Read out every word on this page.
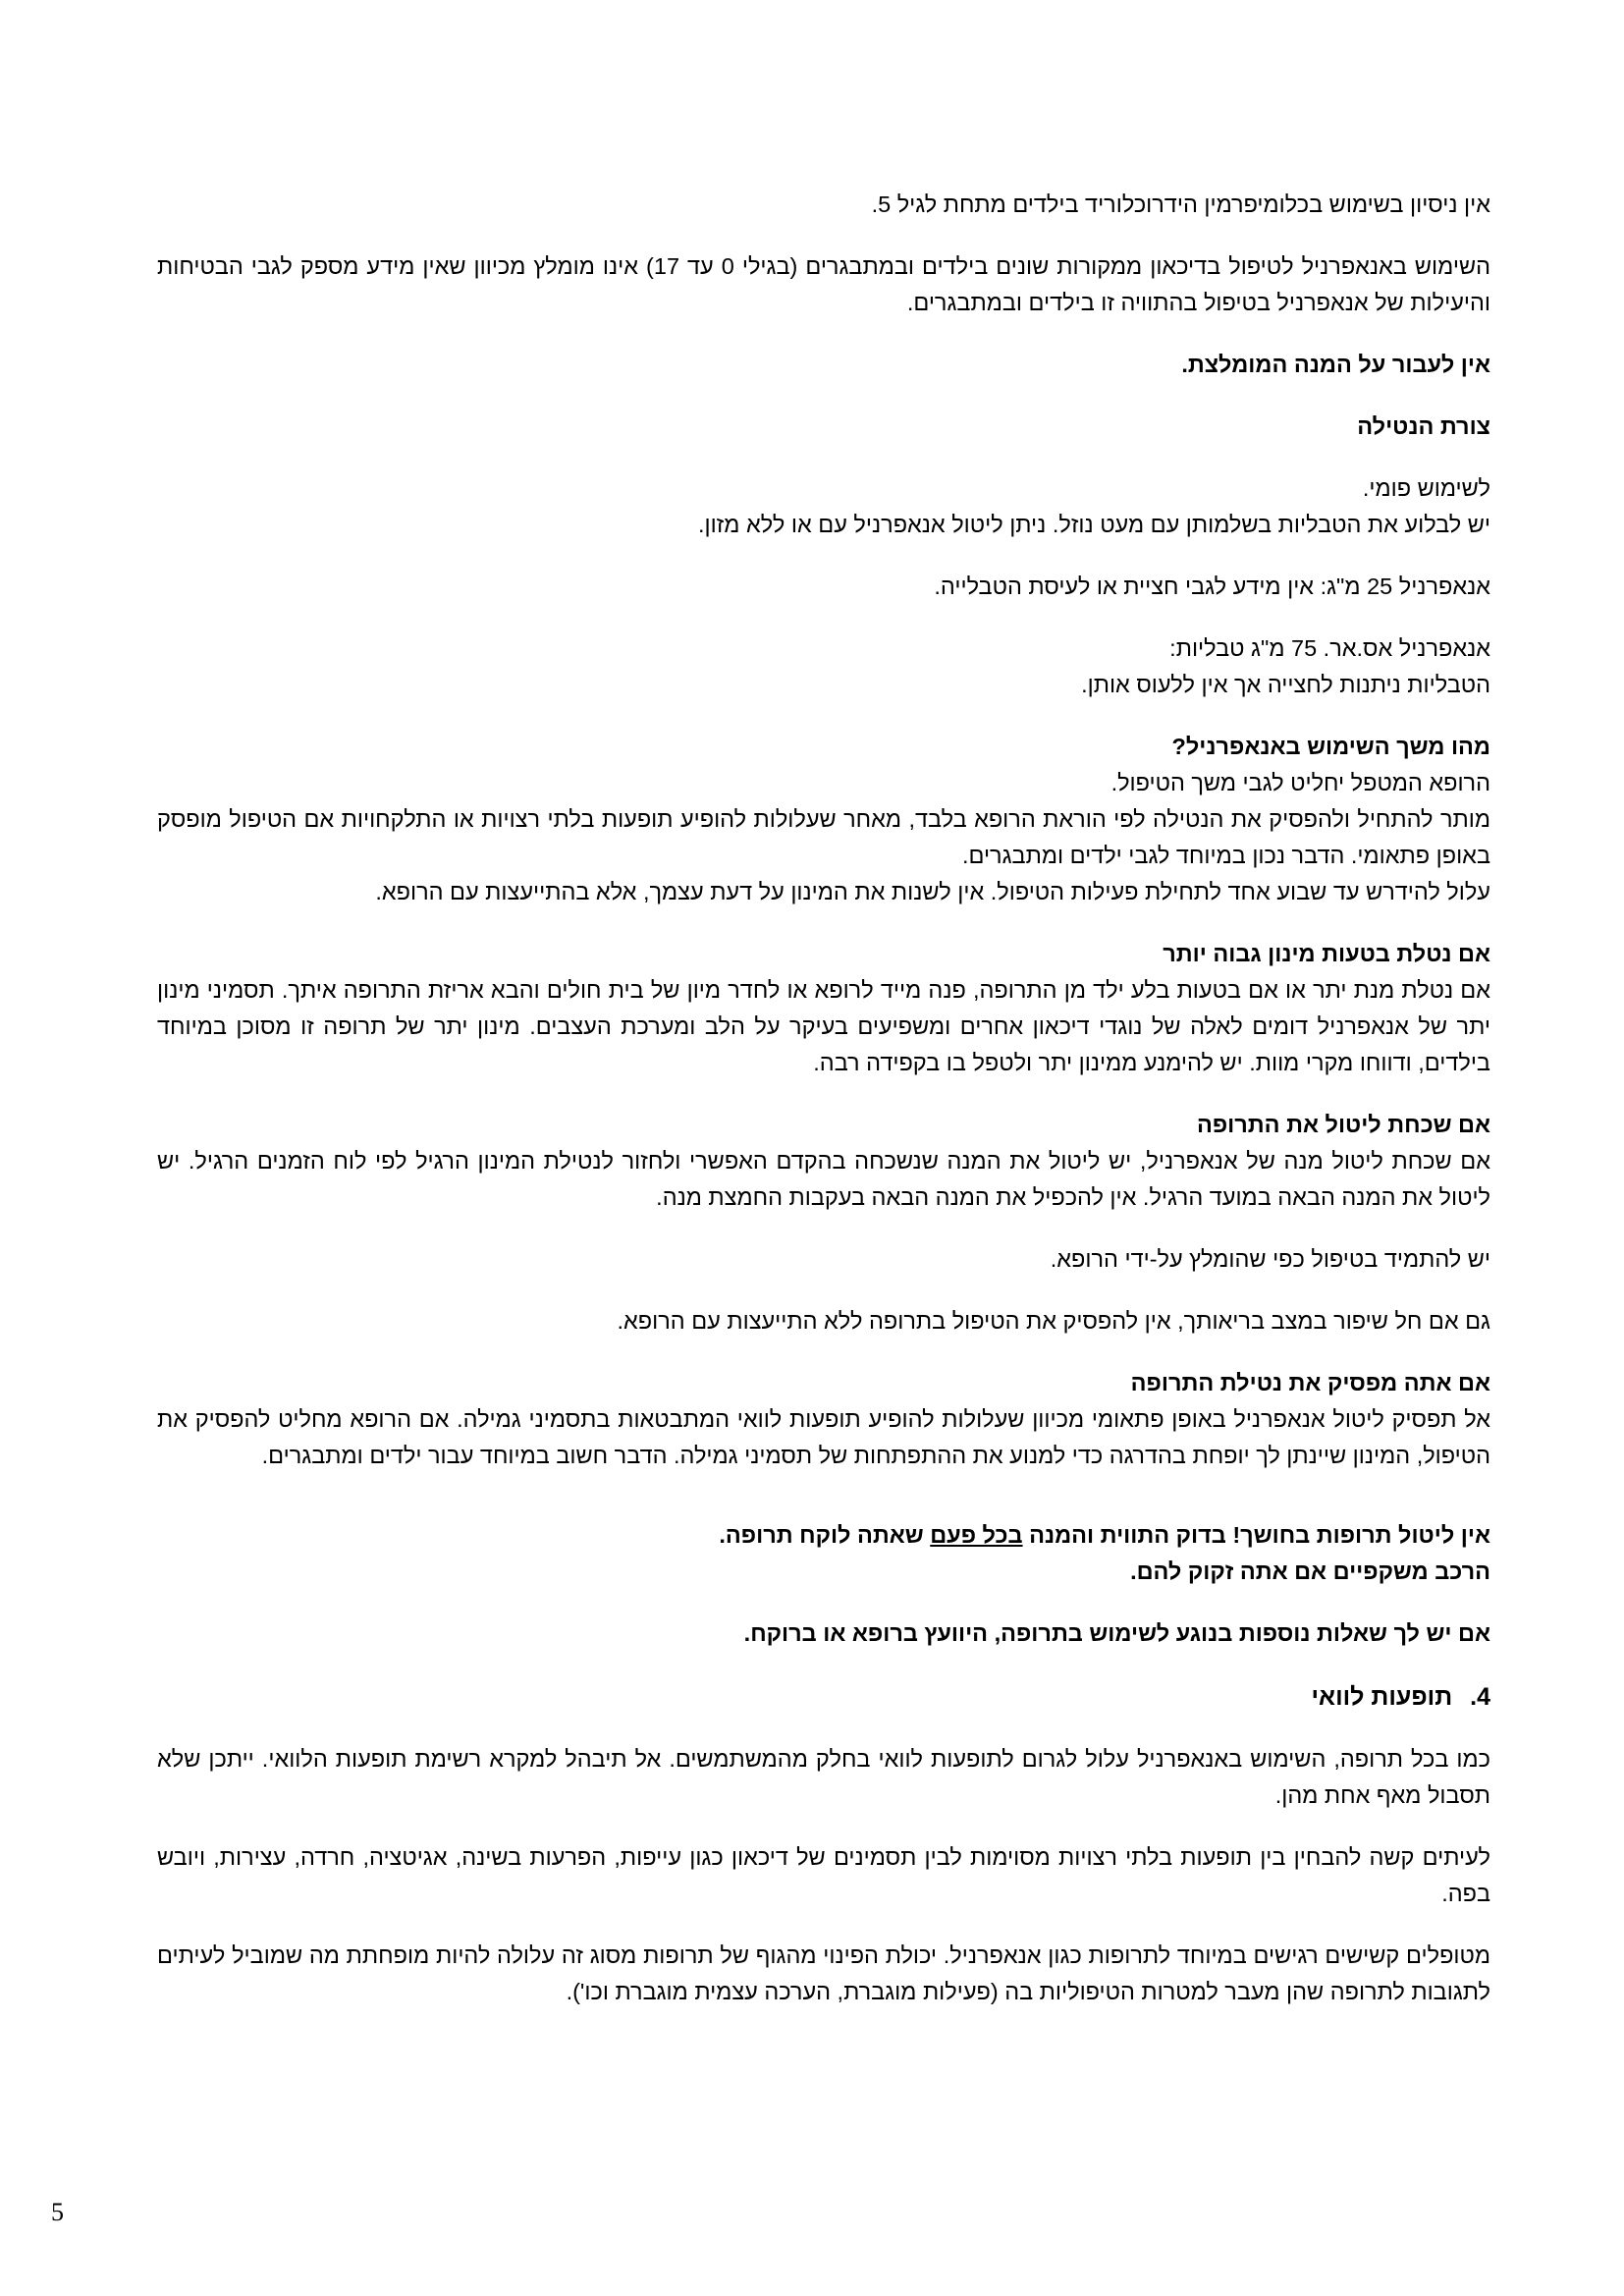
אין ניסיון בשימוש בכלומיפרמין הידרוכלוריד בילדים מתחת לגיל 5.

השימוש באנאפרניל לטיפול בדיכאון ממקורות שונים בילדים ובמתבגרים (בגילי 0 עד 17) אינו מומלץ מכיוון שאין מידע מספק לגבי הבטיחות והיעילות של אנאפרניל בטיפול בהתוויה זו בילדים ובמתבגרים.

אין לעבור על המנה המומלצת.

צורת הנטילה

לשימוש פומי.

יש לבלוע את הטבליות בשלמותן עם מעט נוזל. ניתן ליטול אנאפרניל עם או ללא מזון.

אנאפרניל 25 מ"ג: אין מידע לגבי חציית או לעיסת הטבלייה.

אנאפרניל אס.אר. 75 מ"ג טבליות:

הטבליות ניתנות לחצייה אך אין ללעוס אותן.

מהו משך השימוש באנאפרניל?

הרופא המטפל יחליט לגבי משך הטיפול.

מותר להתחיל ולהפסיק את הנטילה לפי הוראת הרופא בלבד, מאחר שעלולות להופיע תופעות בלתי רצויות או התלקחויות אם הטיפול מופסק באופן פתאומי. הדבר נכון במיוחד לגבי ילדים ומתבגרים.

עלול להידרש עד שבוע אחד לתחילת פעילות הטיפול. אין לשנות את המינון על דעת עצמך, אלא בהתייעצות עם הרופא.

אם נטלת בטעות מינון גבוה יותר

אם נטלת מנת יתר או אם בטעות בלע ילד מן התרופה, פנה מייד לרופא או לחדר מיון של בית חולים והבא אריזת התרופה איתך. תסמיני מינון יתר של אנאפרניל דומים לאלה של נוגדי דיכאון אחרים ומשפיעים בעיקר על הלב ומערכת העצבים. מינון יתר של תרופה זו מסוכן במיוחד בילדים, ודווחו מקרי מוות. יש להימנע ממינון יתר ולטפל בו בקפידה רבה.

אם שכחת ליטול את התרופה

אם שכחת ליטול מנה של אנאפרניל, יש ליטול את המנה שנשכחה בהקדם האפשרי ולחזור לנטילת המינון הרגיל לפי לוח הזמנים הרגיל. יש ליטול את המנה הבאה במועד הרגיל. אין להכפיל את המנה הבאה בעקבות החמצת מנה.

יש להתמיד בטיפול כפי שהומלץ על-ידי הרופא.

גם אם חל שיפור במצב בריאותך, אין להפסיק את הטיפול בתרופה ללא התייעצות עם הרופא.

אם אתה מפסיק את נטילת התרופה

אל תפסיק ליטול אנאפרניל באופן פתאומי מכיוון שעלולות להופיע תופעות לוואי המתבטאות בתסמיני גמילה. אם הרופא מחליט להפסיק את הטיפול, המינון שיינתן לך יופחת בהדרגה כדי למנוע את ההתפתחות של תסמיני גמילה. הדבר חשוב במיוחד עבור ילדים ומתבגרים.

אין ליטול תרופות בחושך! בדוק התווית והמנה בכל פעם שאתה לוקח תרופה.

הרכב משקפיים אם אתה זקוק להם.

אם יש לך שאלות נוספות בנוגע לשימוש בתרופה, היוועץ ברופא או ברוקח.

4.
תופעות לוואי

כמו בכל תרופה, השימוש באנאפרניל עלול לגרום לתופעות לוואי בחלק מהמשתמשים. אל תיבהל למקרא רשימת תופעות הלוואי. ייתכן שלא תסבול מאף אחת מהן.

לעיתים קשה להבחין בין תופעות בלתי רצויות מסוימות לבין תסמינים של דיכאון כגון עייפות, הפרעות בשינה, אגיטציה, חרדה, עצירות, ויובש בפה.

מטופלים קשישים רגישים במיוחד לתרופות כגון אנאפרניל. יכולת הפינוי מהגוף של תרופות מסוג זה עלולה להיות מופחתת מה שמוביל לעיתים לתגובות לתרופה שהן מעבר למטרות הטיפוליות בה (פעילות מוגברת, הערכה עצמית מוגברת וכו').

5
